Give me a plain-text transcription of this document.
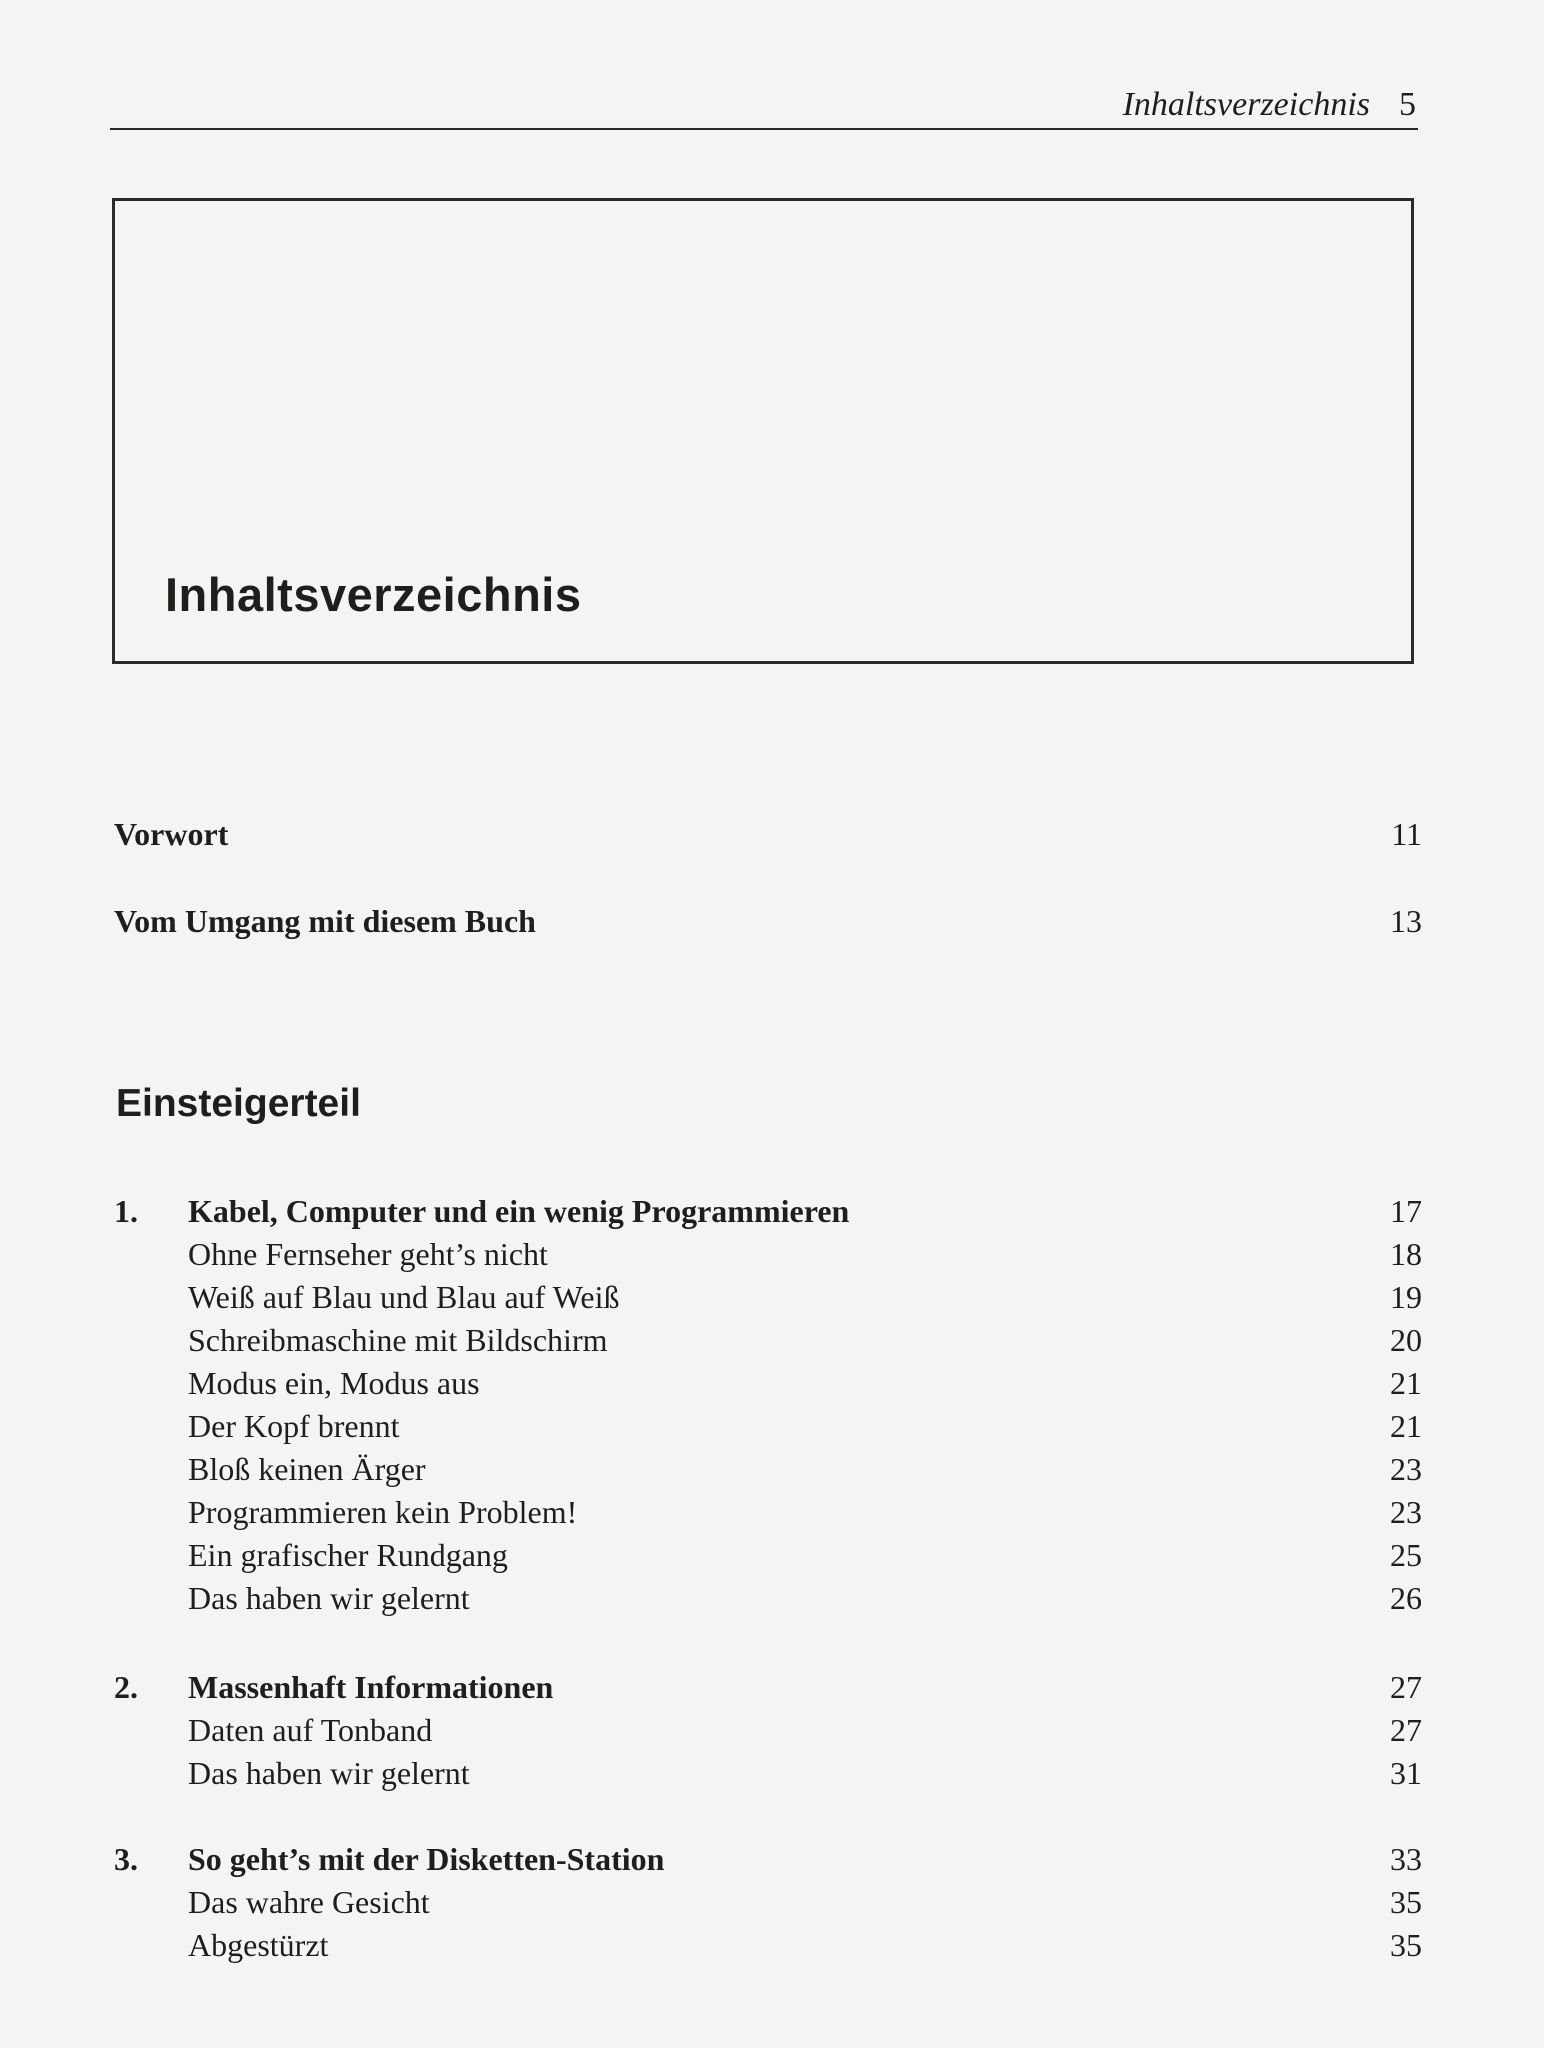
Inhaltsverzeichnis 5
Inhaltsverzeichnis
Vorwort	11
Vom Umgang mit diesem Buch	13
Einsteigerteil
1. Kabel, Computer und ein wenig Programmieren	17
Ohne Fernseher geht’s nicht	18
Weiß auf Blau und Blau auf Weiß	19
Schreibmaschine mit Bildschirm	20
Modus ein, Modus aus	21
Der Kopf brennt	21
Bloß keinen Ärger	23
Programmieren kein Problem!	23
Ein grafischer Rundgang	25
Das haben wir gelernt	26
2. Massenhaft Informationen	27
Daten auf Tonband	27
Das haben wir gelernt	31
3. So geht’s mit der Disketten-Station	33
Das wahre Gesicht	35
Abgestürzt	35
